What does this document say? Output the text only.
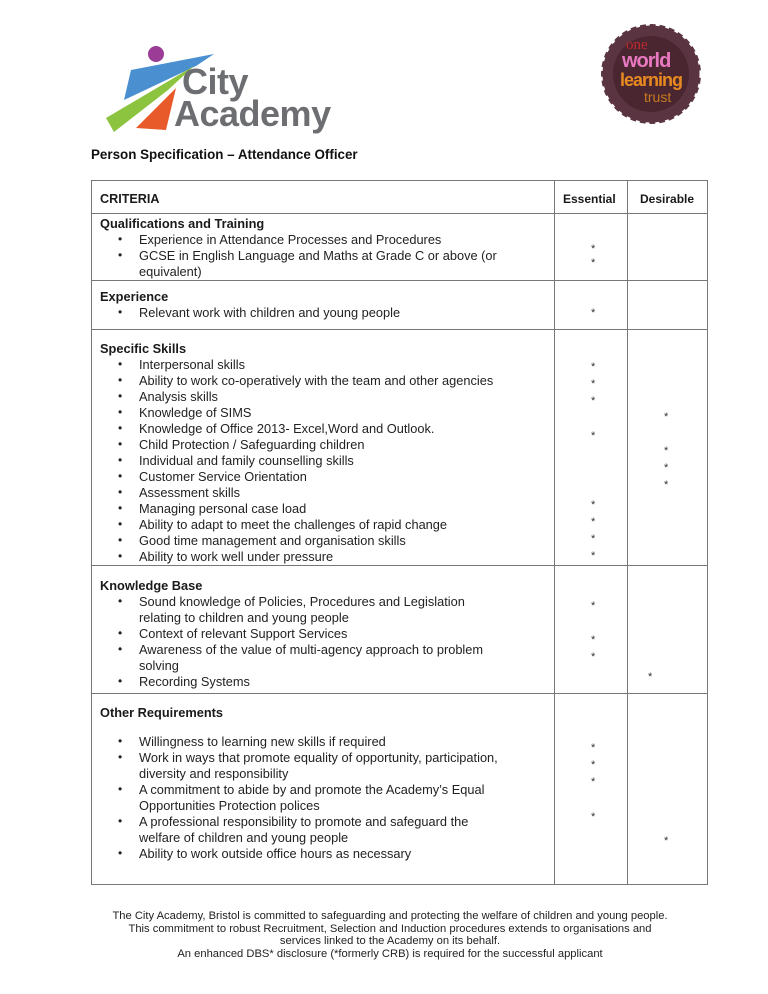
City
Academy
one
world
learning
trust
Person Specification – Attendance Officer
CRITERIA	Essential Desirable
Qualifications and Training
• Experience in Attendance Processes and Procedures
• GCSE in English Language and Maths at Grade C or above (or
equivalent)
*
*
Experience
• Relevant work with children and young people	*
Specific Skills
• Interpersonal skills
• Ability to work co-operatively with the team and other agencies
• Analysis skills
• Knowledge of SIMS
• Knowledge of Office 2013- Excel,Word and Outlook.
• Child Protection / Safeguarding children
• Individual and family counselling skills
• Customer Service Orientation
• Assessment skills
• Managing personal case load
• Ability to adapt to meet the challenges of rapid change
• Good time management and organisation skills
• Ability to work well under pressure
*
*
*
*
*
*
*
*
*
*
*
*
Knowledge Base
• Sound knowledge of Policies, Procedures and Legislation
relating to children and young people
• Context of relevant Support Services
• Awareness of the value of multi-agency approach to problem
solving
• Recording Systems
*
*
*
*
Other Requirements
• Willingness to learning new skills if required
• Work in ways that promote equality of opportunity, participation,
diversity and responsibility
• A commitment to abide by and promote the Academy’s Equal
Opportunities Protection polices
• A professional responsibility to promote and safeguard the
welfare of children and young people
• Ability to work outside office hours as necessary
*
*
*
*
*
The City Academy, Bristol is committed to safeguarding and protecting the welfare of children and young people.
This commitment to robust Recruitment, Selection and Induction procedures extends to organisations and
services linked to the Academy on its behalf.
An enhanced DBS* disclosure (*formerly CRB) is required for the successful applicant
